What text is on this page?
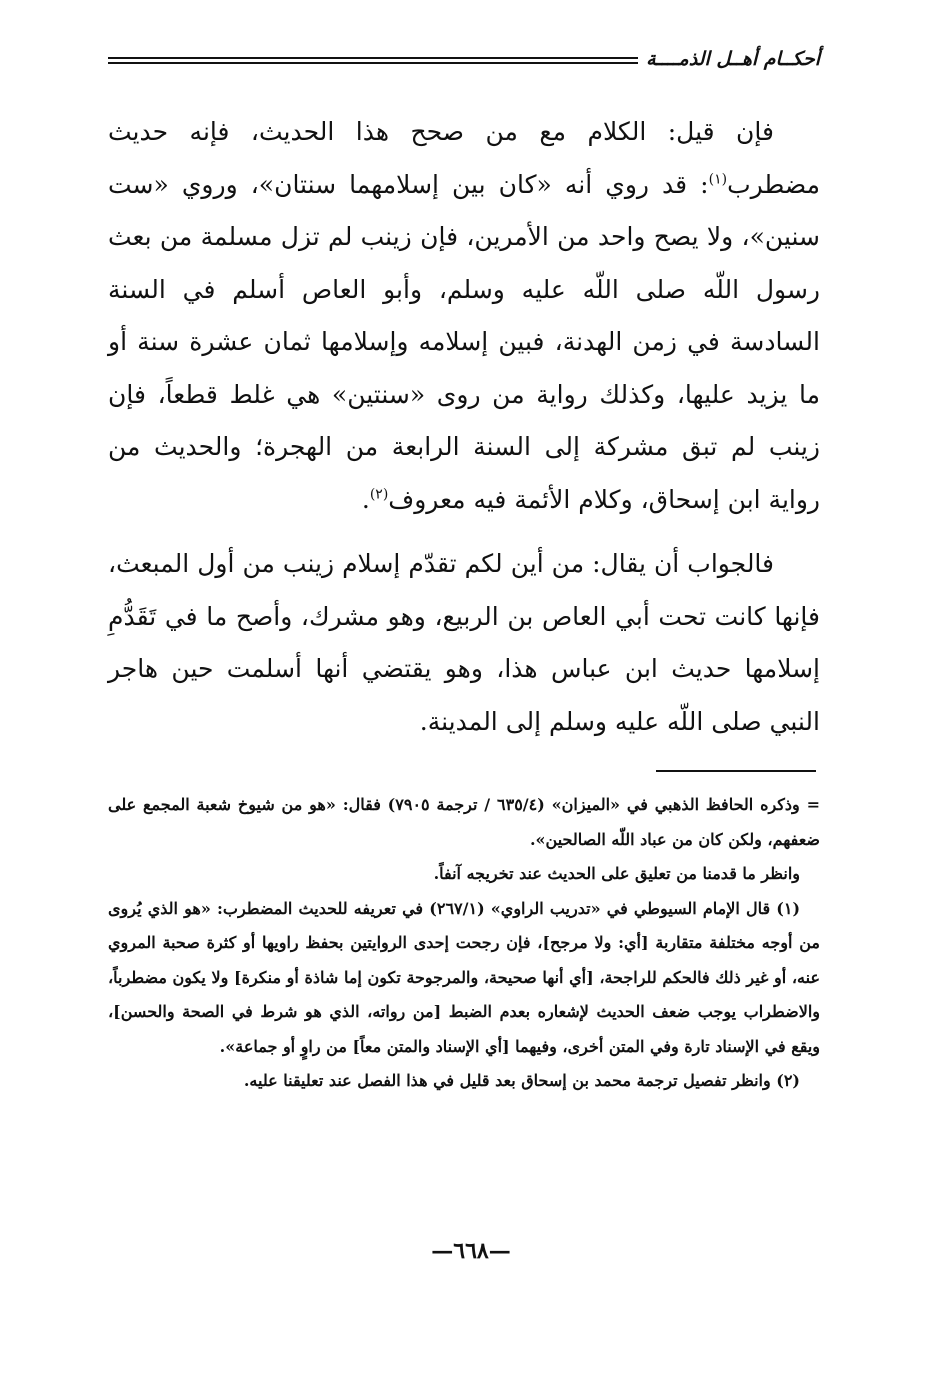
أحكــام أهــل الذمــــة

فإن قيل: الكلام مع من صحح هذا الحديث، فإنه حديث مضطرب$^{(١)}$: قد روي أنه «كان بين إسلامهما سنتان»، وروي «ست سنين»، ولا يصح واحد من الأمرين، فإن زينب لم تزل مسلمة من بعث رسول اللّه صلى اللّه عليه وسلم، وأبو العاص أسلم في السنة السادسة في زمن الهدنة، فبين إسلامه وإسلامها ثمان عشرة سنة أو ما يزيد عليها، وكذلك رواية من روى «سنتين» هي غلط قطعاً، فإن زينب لم تبق مشركة إلى السنة الرابعة من الهجرة؛ والحديث من رواية ابن إسحاق، وكلام الأئمة فيه معروف$^{(٢)}$.

فالجواب أن يقال: من أين لكم تقدّم إسلام زينب من أول المبعث، فإنها كانت تحت أبي العاص بن الربيع، وهو مشرك، وأصح ما في تَقَدُّمِ إسلامها حديث ابن عباس هذا، وهو يقتضي أنها أسلمت حين هاجر النبي صلى اللّه عليه وسلم إلى المدينة.

= وذكره الحافظ الذهبي في «الميزان» (٦٣٥/٤ / ترجمة ٧٩٠٥) فقال: «هو من شيوخ شعبة المجمع على ضعفهم، ولكن كان من عباد اللّه الصالحين».

وانظر ما قدمنا من تعليق على الحديث عند تخريجه آنفاً.

(١) قال الإمام السيوطي في «تدريب الراوي» (٢٦٧/١) في تعريفه للحديث المضطرب: «هو الذي يُروى من أوجه مختلفة متقاربة [أي: ولا مرجح]، فإن رجحت إحدى الروايتين بحفظ راويها أو كثرة صحبة المروي عنه، أو غير ذلك فالحكم للراجحة، [أي أنها صحيحة، والمرجوحة تكون إما شاذة أو منكرة] ولا يكون مضطرباً، والاضطراب يوجب ضعف الحديث لإشعاره بعدم الضبط [من رواته، الذي هو شرط في الصحة والحسن]، ويقع في الإسناد تارة وفي المتن أخرى، وفيهما [أي الإسناد والمتن معاً] من راوٍ أو جماعة».

(٢) وانظر تفصيل ترجمة محمد بن إسحاق بعد قليل في هذا الفصل عند تعليقنا عليه.

—٦٦٨—
